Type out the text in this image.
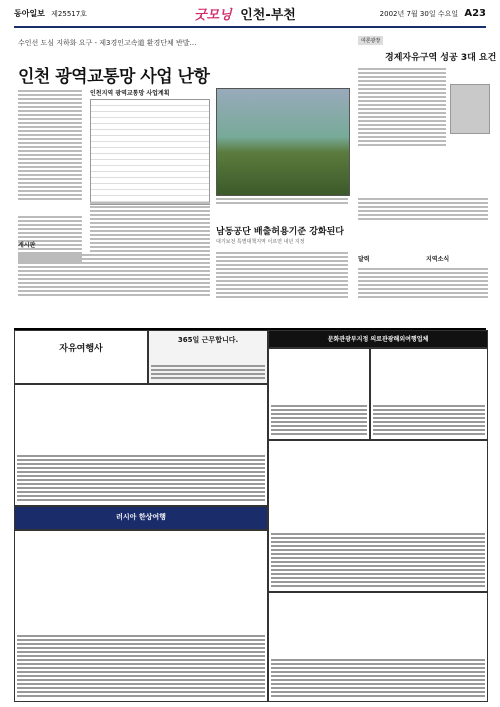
동아일보 제25517호	굿모닝 인천-부천	2002년 7월 30일 수요일 A23
수인선 도심 지하화 요구 - 제3경인고속道 환경단체 반발…
인천 광역교통망 사업 난항
인천지역 광역교통망 사업계획
남동공단 배출허용기준 강화된다
대기보전 특별대책지역 이르면 내년 지정
게시판
여론광장
경제자유구역 성공 3대 요건
달력	지역소식
자유여행사
365일 근무합니다.	문화관광부지정 의료관광해외여행업체
러시아 한상여행
